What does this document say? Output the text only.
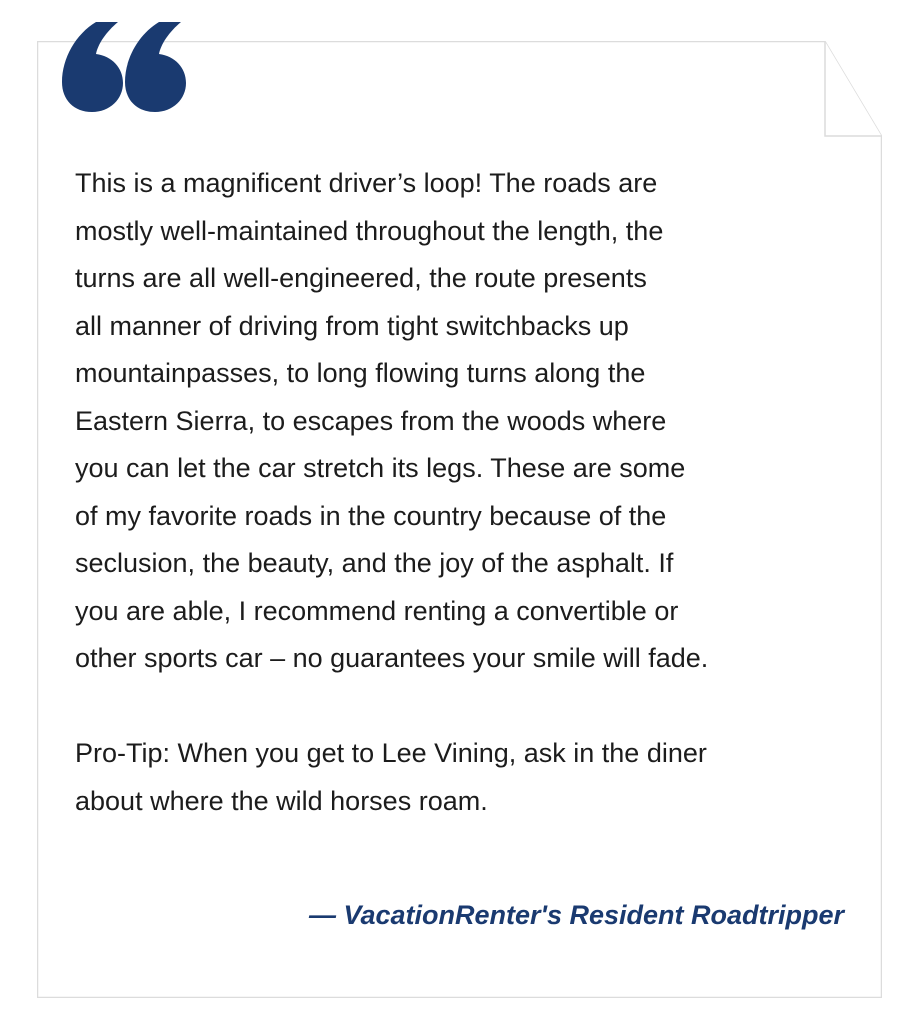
This is a magnificent driver’s loop! The roads are
mostly well-maintained throughout the length, the
turns are all well-engineered, the route presents
all manner of driving from tight switchbacks up
mountainpasses, to long flowing turns along the
Eastern Sierra, to escapes from the woods where
you can let the car stretch its legs. These are some
of my favorite roads in the country because of the
seclusion, the beauty, and the joy of the asphalt. If
you are able, I recommend renting a convertible or
other sports car – no guarantees your smile will fade.

Pro-Tip: When you get to Lee Vining, ask in the diner
about where the wild horses roam.

— VacationRenter's Resident Roadtripper
